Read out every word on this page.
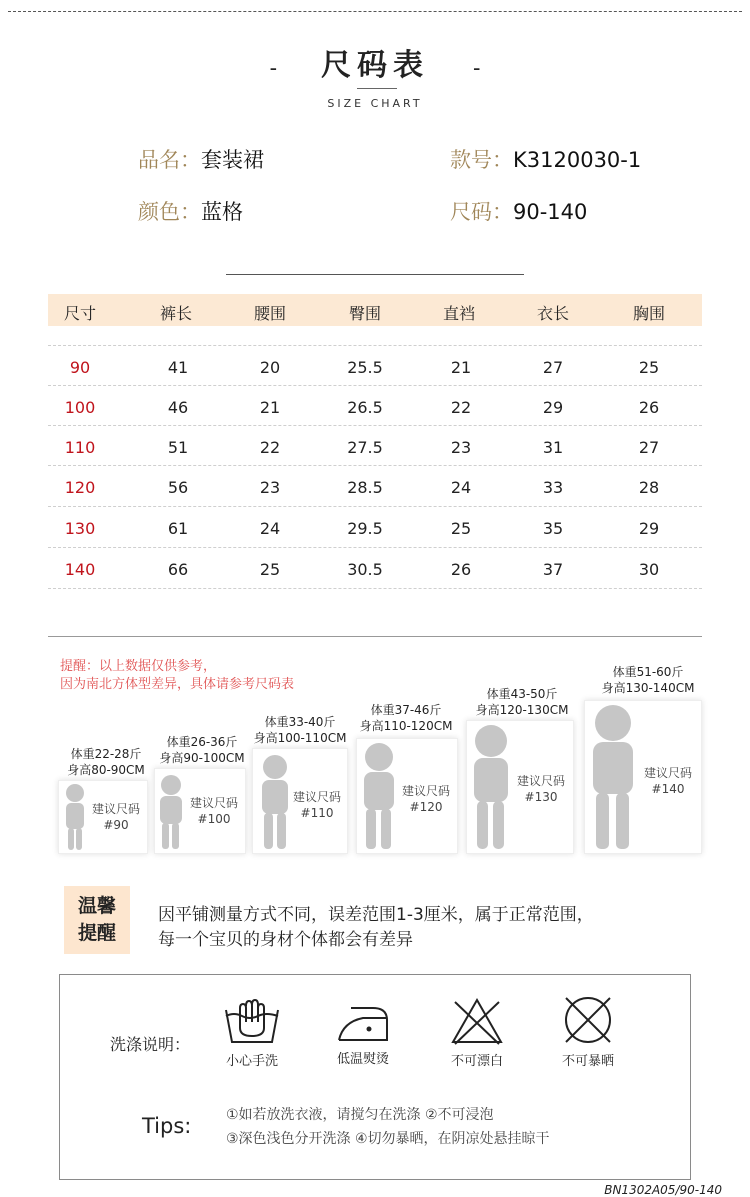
- 尺码表 -
SIZE CHART
品名：套装裙	款号：K3120030-1
颜色：蓝格	尺码：90-140
尺寸	裤长	腰围	臀围	直裆	衣长	胸围
90	41	20	25.5	21	27	25
100	46	21	26.5	22	29	26
110	51	22	27.5	23	31	27
120	56	23	28.5	24	33	28
130	61	24	29.5	25	35	29
140	66	25	30.5	26	37	30
提醒：以上数据仅供参考，
因为南北方体型差异，具体请参考尺码表
体重22-28斤
身高80-90CM
建议尺码
#90
体重26-36斤
身高90-100CM
建议尺码
#100
体重33-40斤
身高100-110CM
建议尺码
#110
体重37-46斤
身高110-120CM
建议尺码
#120
体重43-50斤
身高120-130CM
建议尺码
#130
体重51-60斤
身高130-140CM
建议尺码
#140
温馨
提醒
因平铺测量方式不同，误差范围1-3厘米，属于正常范围，
每一个宝贝的身材个体都会有差异
洗涤说明：
小心手洗	低温熨烫	不可漂白	不可暴晒
Tips: ①如若放洗衣液，请搅匀在洗涤 ②不可浸泡
③深色浅色分开洗涤 ④切勿暴晒，在阴凉处悬挂晾干
BN1302A05/90-140
